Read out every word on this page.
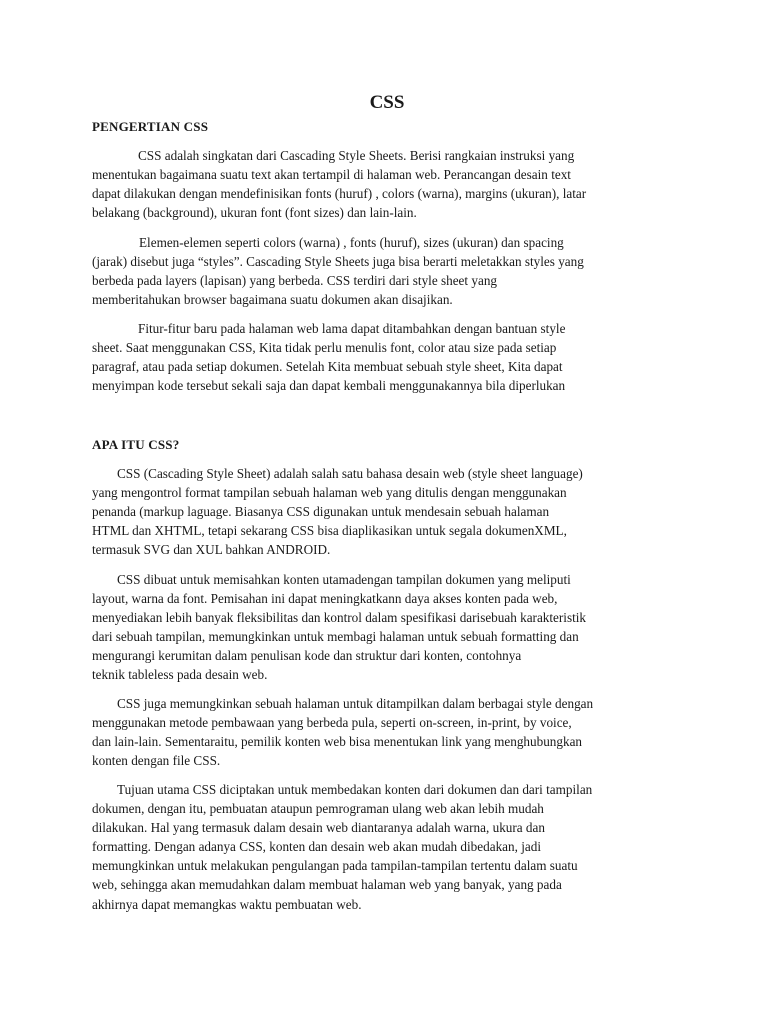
CSS
PENGERTIAN CSS

CSS adalah singkatan dari Cascading Style Sheets. Berisi rangkaian instruksi yang
menentukan bagaimana suatu text akan tertampil di halaman web. Perancangan desain text
dapat dilakukan dengan mendefinisikan fonts (huruf) , colors (warna), margins (ukuran), latar
belakang (background), ukuran font (font sizes) dan lain-lain.

Elemen-elemen seperti colors (warna) , fonts (huruf), sizes (ukuran) dan spacing
(jarak) disebut juga “styles”. Cascading Style Sheets juga bisa berarti meletakkan styles yang
berbeda pada layers (lapisan) yang berbeda. CSS terdiri dari style sheet yang
memberitahukan browser bagaimana suatu dokumen akan disajikan.

Fitur-fitur baru pada halaman web lama dapat ditambahkan dengan bantuan style
sheet. Saat menggunakan CSS, Kita tidak perlu menulis font, color atau size pada setiap
paragraf, atau pada setiap dokumen. Setelah Kita membuat sebuah style sheet, Kita dapat
menyimpan kode tersebut sekali saja dan dapat kembali menggunakannya bila diperlukan

APA ITU CSS?

CSS (Cascading Style Sheet) adalah salah satu bahasa desain web (style sheet language)
yang mengontrol format tampilan sebuah halaman web yang ditulis dengan menggunakan
penanda (markup laguage. Biasanya CSS digunakan untuk mendesain sebuah halaman
HTML dan XHTML, tetapi sekarang CSS bisa diaplikasikan untuk segala dokumenXML,
termasuk SVG dan XUL bahkan ANDROID.

CSS dibuat untuk memisahkan konten utamadengan tampilan dokumen yang meliputi
layout, warna da font. Pemisahan ini dapat meningkatkann daya akses konten pada web,
menyediakan lebih banyak fleksibilitas dan kontrol dalam spesifikasi darisebuah karakteristik
dari sebuah tampilan, memungkinkan untuk membagi halaman untuk sebuah formatting dan
mengurangi kerumitan dalam penulisan kode dan struktur dari konten, contohnya
teknik tableless pada desain web.

CSS juga memungkinkan sebuah halaman untuk ditampilkan dalam berbagai style dengan
menggunakan metode pembawaan yang berbeda pula, seperti on-screen, in-print, by voice,
dan lain-lain. Sementaraitu, pemilik konten web bisa menentukan link yang menghubungkan
konten dengan file CSS.

Tujuan utama CSS diciptakan untuk membedakan konten dari dokumen dan dari tampilan
dokumen, dengan itu, pembuatan ataupun pemrograman ulang web akan lebih mudah
dilakukan. Hal yang termasuk dalam desain web diantaranya adalah warna, ukura dan
formatting. Dengan adanya CSS, konten dan desain web akan mudah dibedakan, jadi
memungkinkan untuk melakukan pengulangan pada tampilan-tampilan tertentu dalam suatu
web, sehingga akan memudahkan dalam membuat halaman web yang banyak, yang pada
akhirnya dapat memangkas waktu pembuatan web.
